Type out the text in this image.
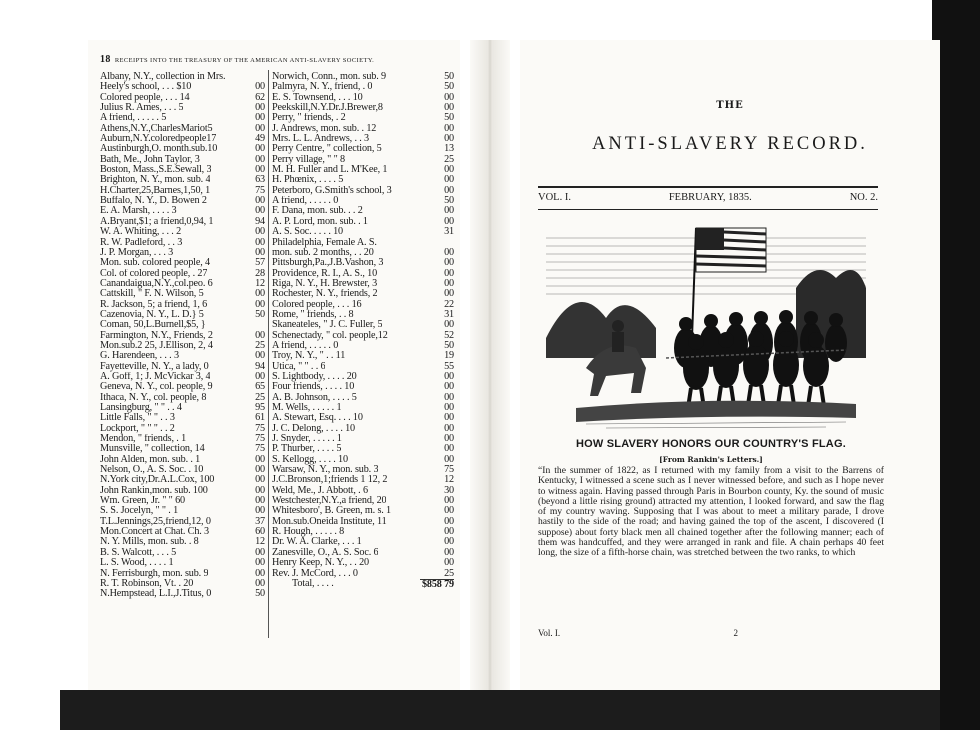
18 RECEIPTS INTO THE TREASURY OF THE AMERICAN ANTI-SLAVERY SOCIETY.
Albany, N.Y., collection in Mrs.
Heely's school, . . . $10	00
Colored people, . . . 14	62
Julius R. Ames, . . . 5	00
A friend, . . . . . 5	00
Athens,N.Y.,CharlesMariot5	00
Auburn,N.Y.coloredpeople17	49
Austinburgh,O. month.sub.10	00
Bath, Me., John Taylor, 3	00
Boston, Mass.,S.E.Sewall, 3	00
Brighton, N. Y., mon. sub. 4	63
H.Charter,25,Barnes,1,50, 1	75
Buffalo, N. Y., D. Bowen 2	00
E. A. Marsh, . . . . 3	00
A.Bryant,$1; a friend,0,94, 1	94
W. A. Whiting, . . . 2	00
R. W. Padleford, . . 3	00
J. P. Morgan, . . . 3	00
Mon. sub. colored people, 4	57
Col. of colored people, . 27	28
Canandaigua,N.Y.,col.peo. 6	12
Cattskill, " F. N. Wilson, 5	00
R. Jackson, 5; a friend, 1, 6	00
Cazenovia, N. Y., L. D.} 5	50
Coman, 50,L.Burnell,$5, }
Farmington, N.Y., Friends, 2	00
Mon.sub.2 25, J.Ellison, 2, 4	25
G. Harendeen, . . . 3	00
Fayetteville, N. Y., a lady, 0	94
A. Goff, 1; J. McVickar 3, 4	00
Geneva, N. Y., col. people, 9	65
Ithaca, N. Y., col. people, 8	25
Lansingburg, " " . . 4	95
Little Falls, " " . . 3	61
Lockport, " " " . . 2	75
Mendon, " friends, . 1	75
Munsville, " collection, 14	75
John Alden, mon. sub. . 1	00
Nelson, O., A. S. Soc. . 10	00
N.York city,Dr.A.L.Cox, 100	00
John Rankin,mon. sub. 100	00
Wm. Green, Jr. " " 60	00
S. S. Jocelyn, " " . 1	00
T.L.Jennings,25,friend,12, 0	37
Mon.Concert at Chat. Ch. 3	60
N. Y. Mills, mon. sub. . 8	12
B. S. Walcott, . . . 5	00
L. S. Wood, . . . . 1	00
N. Ferrisburgh, mon. sub. 9	00
R. T. Robinson, Vt. . 20	00
N.Hempstead, L.I.,J.Titus, 0	50
Norwich, Conn., mon. sub. 9	50
Palmyra, N. Y., friend, . 0	50
E. S. Townsend, . . . 10	00
Peekskill,N.Y.Dr.J.Brewer,8	00
Perry, " friends, . 2	50
J. Andrews, mon. sub. . 12	00
Mrs. L. L. Andrews, . . 3	00
Perry Centre, " collection, 5	13
Perry village, " " 8	25
M. H. Fuller and L. M'Kee, 1	00
H. Phœnix, . . . . 5	00
Peterboro, G.Smith's school, 3	00
A friend, . . . . . 0	50
F. Dana, mon. sub. . . 2	00
A. P. Lord, mon. sub. . 1	00
A. S. Soc. . . . . 10	31
Philadelphia, Female A. S.
mon. sub. 2 months, . . 20	00
Pittsburgh,Pa.,J.B.Vashon, 3	00
Providence, R. I., A. S., 10	00
Riga, N. Y., H. Brewster, 3	00
Rochester, N. Y., friends, 2	00
Colored people, . . . 16	22
Rome, " friends, . . 8	31
Skaneateles, " J. C. Fuller, 5	00
Schenectady, " col. people,12	52
A friend, . . . . . 0	50
Troy, N. Y., " . . 11	19
Utica, " " . . 6	55
S. Lightbody, . . . . 20	00
Four friends, . . . . 10	00
A. B. Johnson, . . . . 5	00
M. Wells, . . . . . 1	00
A. Stewart, Esq. . . . 10	00
J. C. Delong, . . . . 10	00
J. Snyder, . . . . . 1	00
P. Thurber, . . . . 5	00
S. Kellogg, . . . . 10	00
Warsaw, N. Y., mon. sub. 3	75
J.C.Bronson,1;friends 1 12, 2	12
Weld, Me., J. Abbott, . 6	30
Westchester,N.Y.,a friend, 20	00
Whitesboro', B. Green, m. s. 1	00
Mon.sub.Oneida Institute, 11	00
R. Hough, . . . . . 8	00
Dr. W. A. Clarke, . . . 1	00
Zanesville, O., A. S. Soc. 6	00
Henry Keep, N. Y., . . 20	00
Rev. J. McCord, . . . 0	25
Total, . . . .	$858 79
THE
ANTI-SLAVERY RECORD.
VOL. I.	FEBRUARY, 1835.	NO. 2.
HOW SLAVERY HONORS OUR COUNTRY'S FLAG.
[From Rankin's Letters.]
“In the summer of 1822, as I returned with my family from a visit to the Barrens of Kentucky, I witnessed a scene such as I never witnessed before, and such as I hope never to witness again. Having passed through Paris in Bourbon county, Ky. the sound of music (beyond a little rising ground) attracted my attention, I looked forward, and saw the flag of my country waving. Supposing that I was about to meet a military parade, I drove hastily to the side of the road; and having gained the top of the ascent, I discovered (I suppose) about forty black men all chained together after the following manner; each of them was handcuffed, and they were arranged in rank and file. A chain perhaps 40 feet long, the size of a fifth-horse chain, was stretched between the two ranks, to which
Vol. I.	2
